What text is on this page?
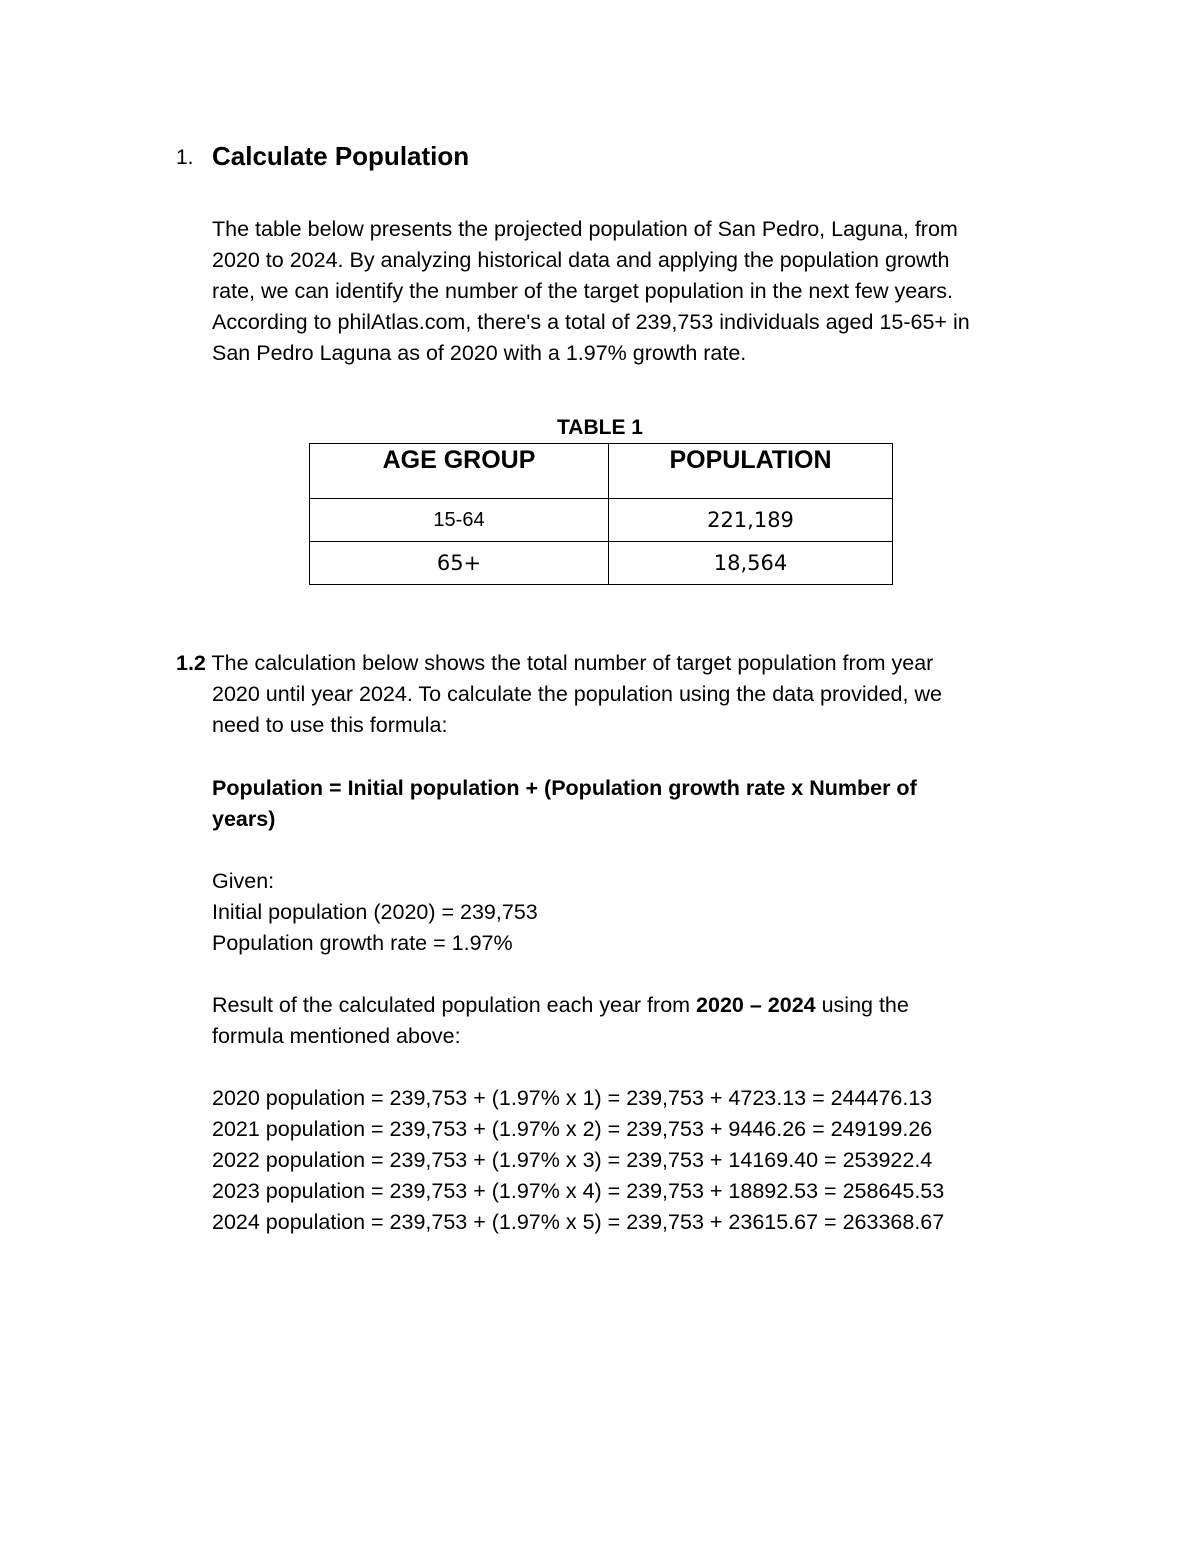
1. Calculate Population
The table below presents the projected population of San Pedro, Laguna, from
2020 to 2024. By analyzing historical data and applying the population growth
rate, we can identify the number of the target population in the next few years.
According to philAtlas.com, there's a total of 239,753 individuals aged 15-65+ in
San Pedro Laguna as of 2020 with a 1.97% growth rate.
TABLE 1
AGE GROUP	POPULATION
15-64	221,189
65+	18,564
1.2 The calculation below shows the total number of target population from year
2020 until year 2024. To calculate the population using the data provided, we
need to use this formula:
Population = Initial population + (Population growth rate x Number of
years)
Given:
Initial population (2020) = 239,753
Population growth rate = 1.97%
Result of the calculated population each year from 2020 – 2024 using the
formula mentioned above:
2020 population = 239,753 + (1.97% x 1) = 239,753 + 4723.13 = 244476.13
2021 population = 239,753 + (1.97% x 2) = 239,753 + 9446.26 = 249199.26
2022 population = 239,753 + (1.97% x 3) = 239,753 + 14169.40 = 253922.4
2023 population = 239,753 + (1.97% x 4) = 239,753 + 18892.53 = 258645.53
2024 population = 239,753 + (1.97% x 5) = 239,753 + 23615.67 = 263368.67
